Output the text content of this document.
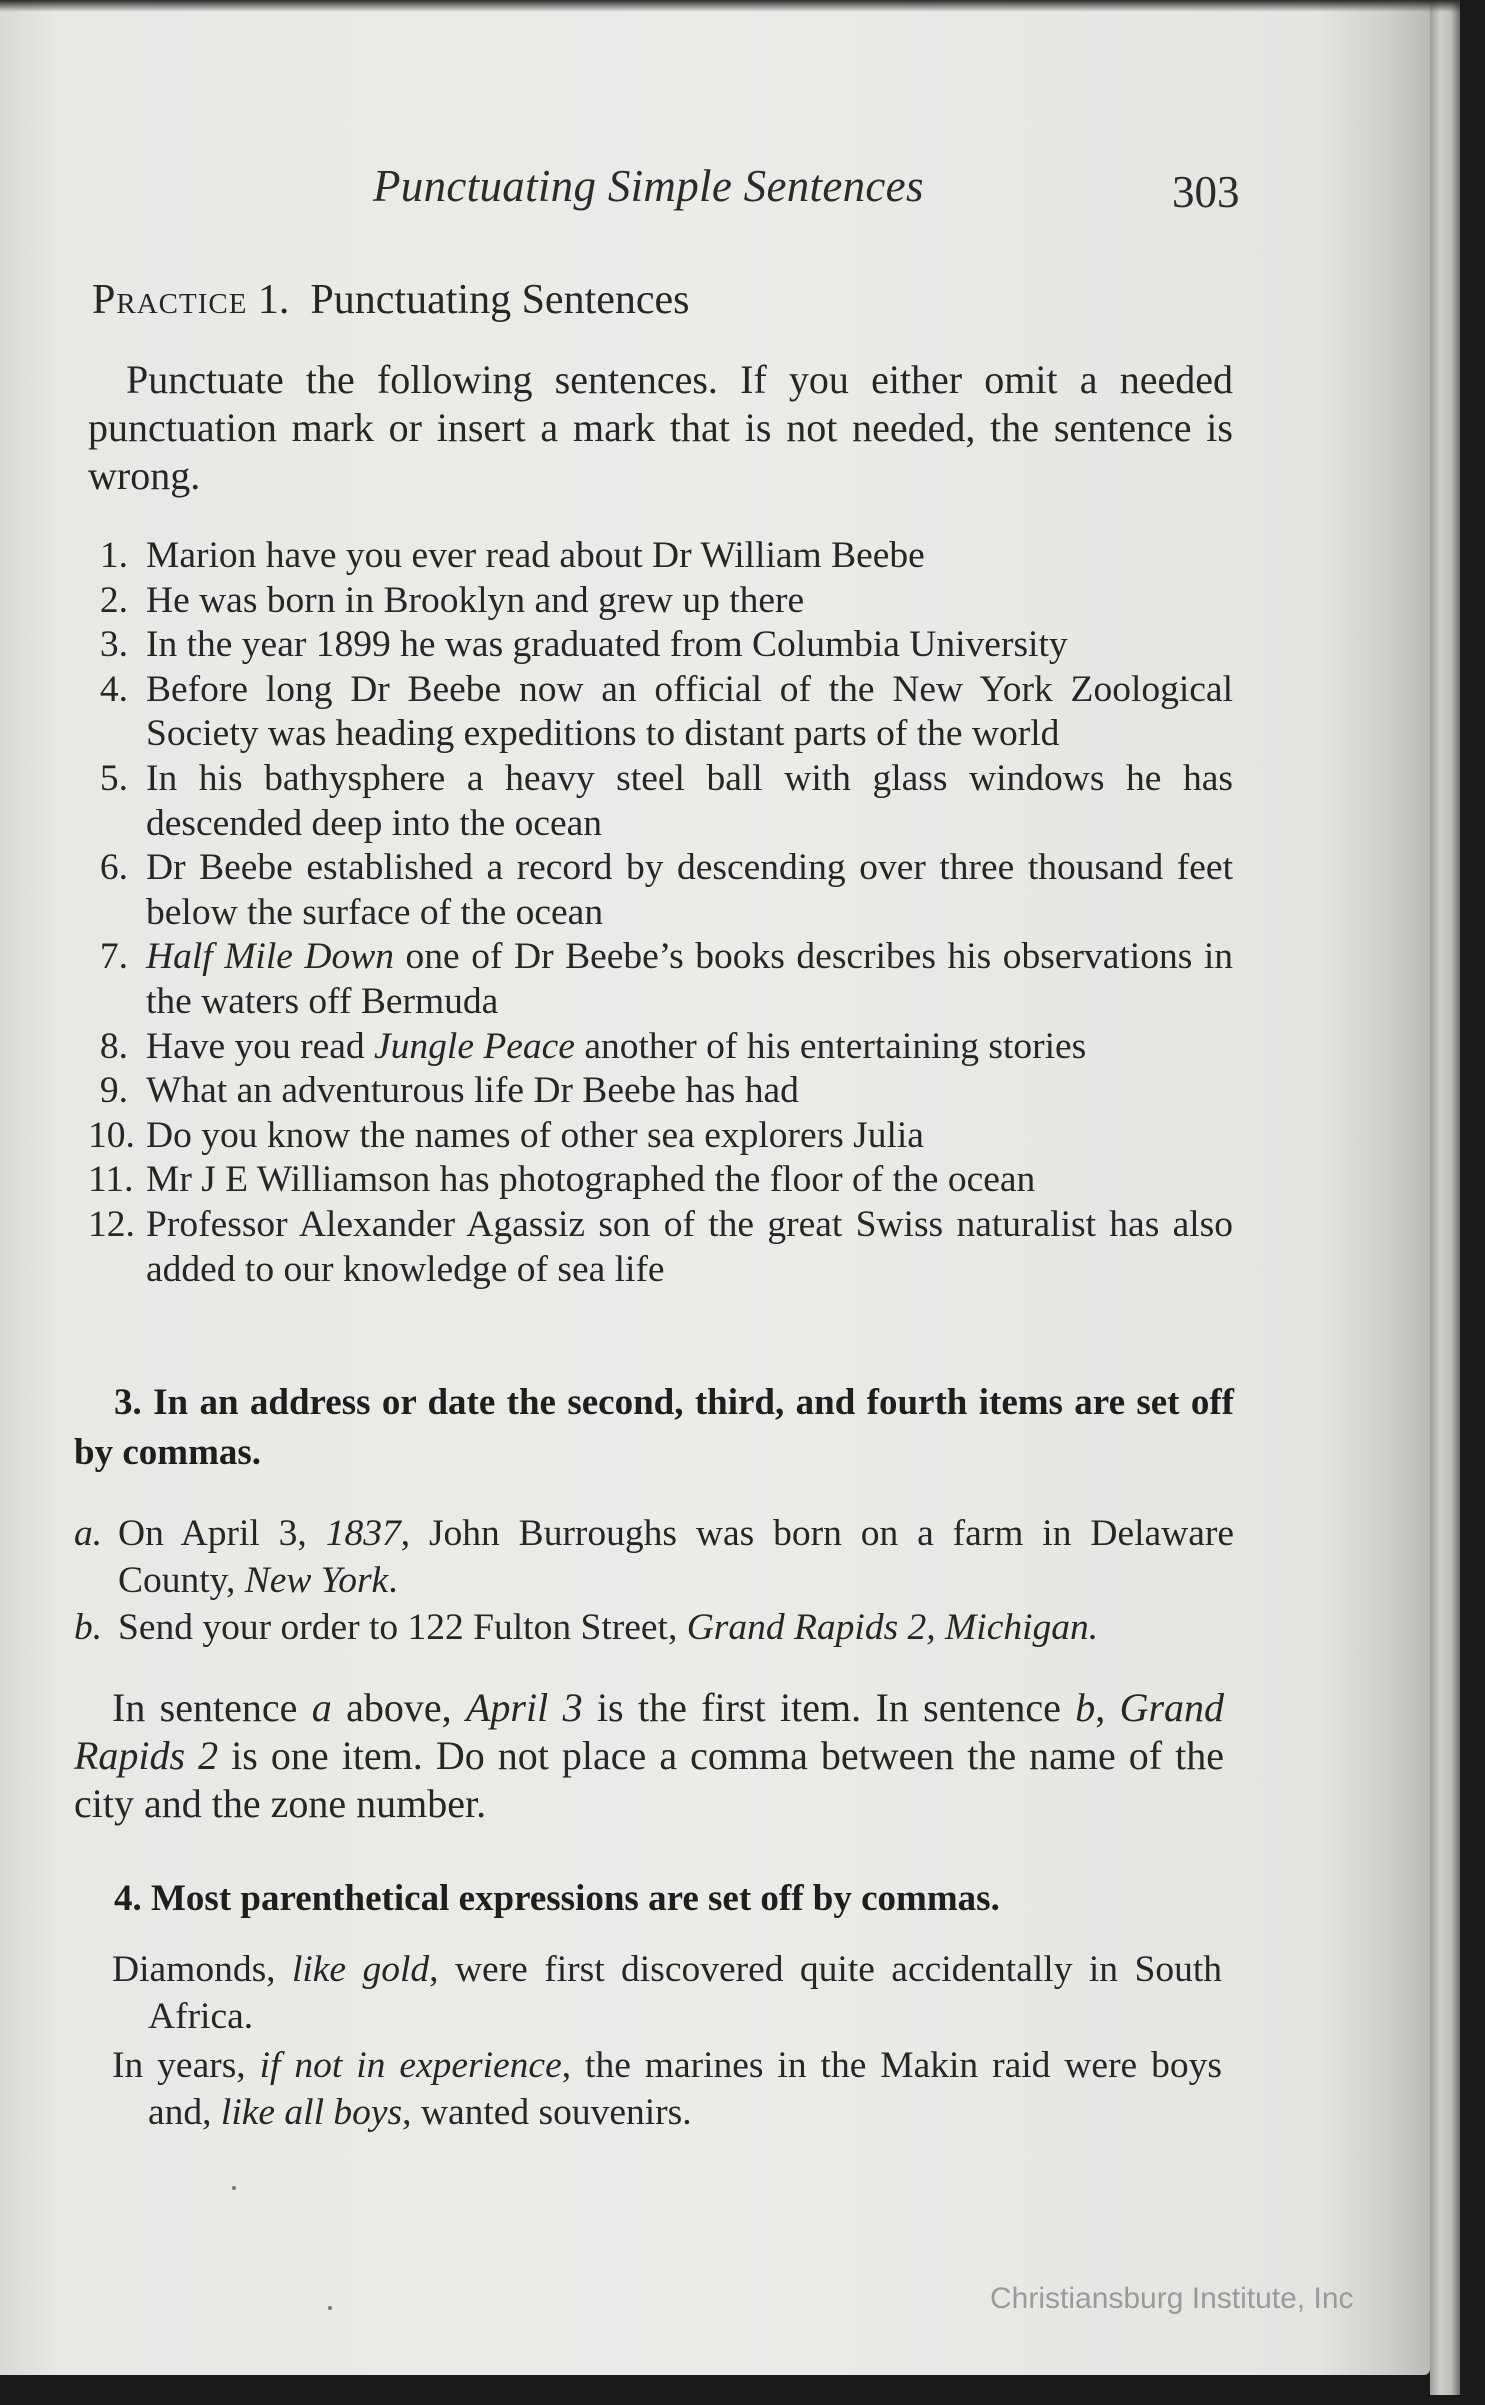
Punctuating Simple Sentences	303
Practice 1. Punctuating Sentences
Punctuate the following sentences. If you either omit a needed punctuation mark or insert a mark that is not needed, the sentence is wrong.
1. Marion have you ever read about Dr William Beebe
2. He was born in Brooklyn and grew up there
3. In the year 1899 he was graduated from Columbia University
4. Before long Dr Beebe now an official of the New York Zoological Society was heading expeditions to distant parts of the world
5. In his bathysphere a heavy steel ball with glass windows he has descended deep into the ocean
6. Dr Beebe established a record by descending over three thousand feet below the surface of the ocean
7. Half Mile Down one of Dr Beebe’s books describes his observations in the waters off Bermuda
8. Have you read Jungle Peace another of his entertaining stories
9. What an adventurous life Dr Beebe has had
10. Do you know the names of other sea explorers Julia
11. Mr J E Williamson has photographed the floor of the ocean
12. Professor Alexander Agassiz son of the great Swiss naturalist has also added to our knowledge of sea life
3. In an address or date the second, third, and fourth items are set off by commas.
a. On April 3, 1837, John Burroughs was born on a farm in Delaware County, New York.
b. Send your order to 122 Fulton Street, Grand Rapids 2, Michigan.
In sentence a above, April 3 is the first item. In sentence b, Grand Rapids 2 is one item. Do not place a comma between the name of the city and the zone number.
4. Most parenthetical expressions are set off by commas.
Diamonds, like gold, were first discovered quite accidentally in South Africa.
In years, if not in experience, the marines in the Makin raid were boys and, like all boys, wanted souvenirs.
Christiansburg Institute, Inc
